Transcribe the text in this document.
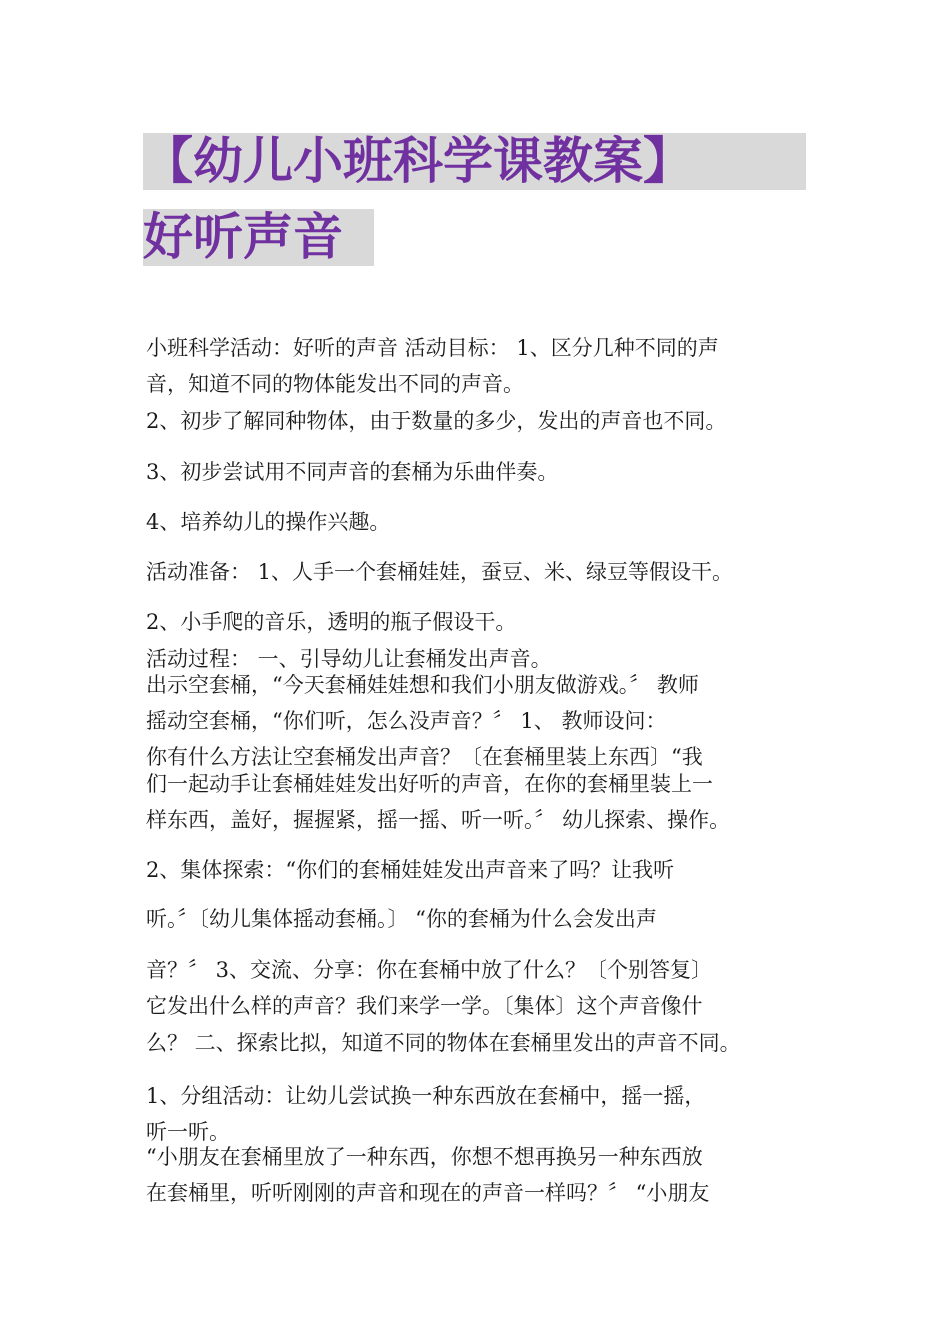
【幼儿小班科学课教案】
好听声音
小班科学活动：好听的声音 活动目标： 1、区分几种不同的声
音，知道不同的物体能发出不同的声音。
2、初步了解同种物体，由于数量的多少，发出的声音也不同。
3、初步尝试用不同声音的套桶为乐曲伴奏。
4、培养幼儿的操作兴趣。
活动准备： 1、人手一个套桶娃娃，蚕豆、米、绿豆等假设干。
2、小手爬的音乐，透明的瓶子假设干。
活动过程： 一、引导幼儿让套桶发出声音。
出示空套桶，“今天套桶娃娃想和我们小朋友做游戏。〞 教师
摇动空套桶，“你们听，怎么没声音？〞 1、 教师设问：
你有什么方法让空套桶发出声音？〔在套桶里装上东西〕“我
们一起动手让套桶娃娃发出好听的声音，在你的套桶里装上一
样东西，盖好，握握紧，摇一摇、听一听。〞 幼儿探索、操作。
2、集体探索：“你们的套桶娃娃发出声音来了吗？让我听
听。〞〔幼儿集体摇动套桶。〕 “你的套桶为什么会发出声
音？〞 3、交流、分享：你在套桶中放了什么？〔个别答复〕
它发出什么样的声音？我们来学一学。〔集体〕这个声音像什
么？ 二、探索比拟，知道不同的物体在套桶里发出的声音不同。
1、分组活动：让幼儿尝试换一种东西放在套桶中，摇一摇，
听一听。
“小朋友在套桶里放了一种东西，你想不想再换另一种东西放
在套桶里，听听刚刚的声音和现在的声音一样吗？〞 “小朋友
